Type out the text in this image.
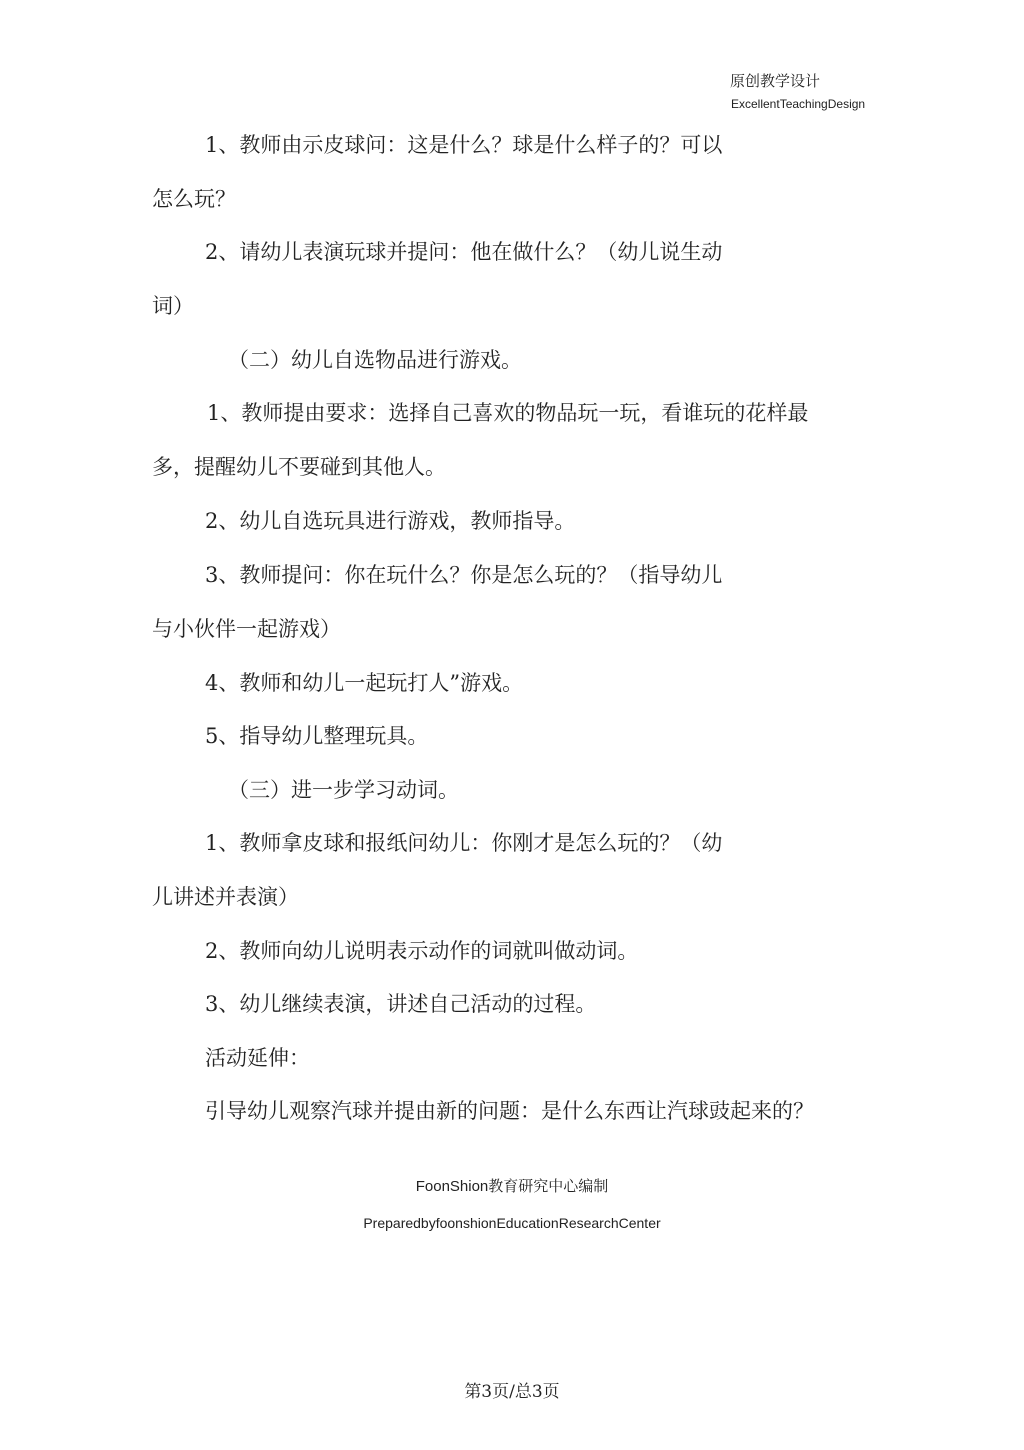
原创教学设计
ExcellentTeachingDesign
1、教师由示皮球问：这是什么？球是什么样子的？可以
怎么玩？
2、请幼儿表演玩球并提问：他在做什么？（幼儿说生动
词）
（二）幼儿自选物品进行游戏。
1、教师提由要求：选择自己喜欢的物品玩一玩，看谁玩的花样最
多，提醒幼儿不要碰到其他人。
2、幼儿自选玩具进行游戏，教师指导。
3、教师提问：你在玩什么？你是怎么玩的？（指导幼儿
与小伙伴一起游戏）
4、教师和幼儿一起玩打人”游戏。
5、指导幼儿整理玩具。
（三）进一步学习动词。
1、教师拿皮球和报纸问幼儿：你刚才是怎么玩的？（幼
儿讲述并表演）
2、教师向幼儿说明表示动作的词就叫做动词。
3、幼儿继续表演，讲述自己活动的过程。
活动延伸：
引导幼儿观察汽球并提由新的问题：是什么东西让汽球豉起来的？
FoonShion教育研究中心编制
PreparedbyfoonshionEducationResearchCenter
第3页/总3页
